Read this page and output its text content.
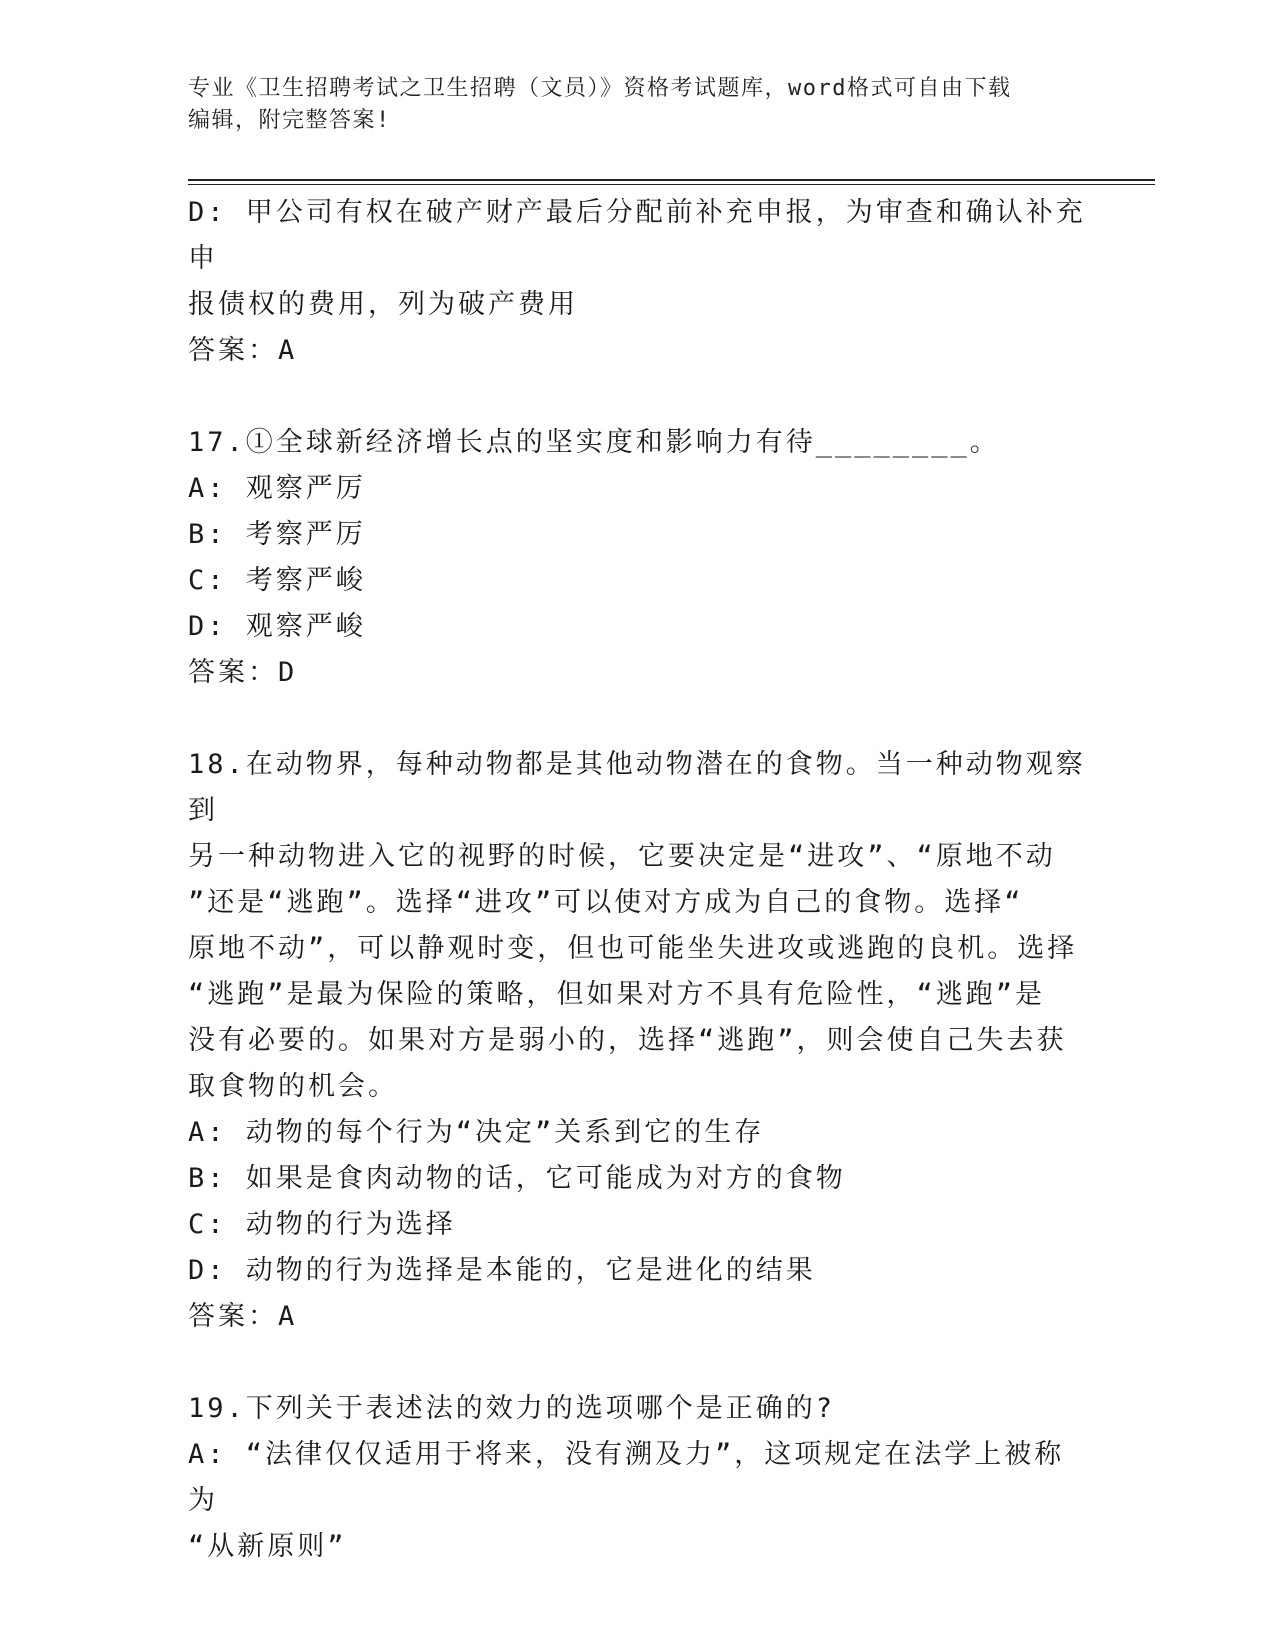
专业《卫生招聘考试之卫生招聘（文员）》资格考试题库，word格式可自由下载
编辑，附完整答案!

D: 甲公司有权在破产财产最后分配前补充申报，为审查和确认补充申

报债权的费用，列为破产费用

答案：A

17.①全球新经济增长点的坚实度和影响力有待________。

A: 观察严厉

B: 考察严厉

C: 考察严峻

D: 观察严峻

答案：D

18.在动物界，每种动物都是其他动物潜在的食物。当一种动物观察到

另一种动物进入它的视野的时候，它要决定是“进攻”、“原地不动

”还是“逃跑”。选择“进攻”可以使对方成为自己的食物。选择“

原地不动”，可以静观时变，但也可能坐失进攻或逃跑的良机。选择

“逃跑”是最为保险的策略，但如果对方不具有危险性，“逃跑”是

没有必要的。如果对方是弱小的，选择“逃跑”，则会使自己失去获

取食物的机会。

A: 动物的每个行为“决定”关系到它的生存

B: 如果是食肉动物的话，它可能成为对方的食物

C: 动物的行为选择

D: 动物的行为选择是本能的，它是进化的结果

答案：A

19.下列关于表述法的效力的选项哪个是正确的?

A: “法律仅仅适用于将来，没有溯及力”，这项规定在法学上被称为

“从新原则”
